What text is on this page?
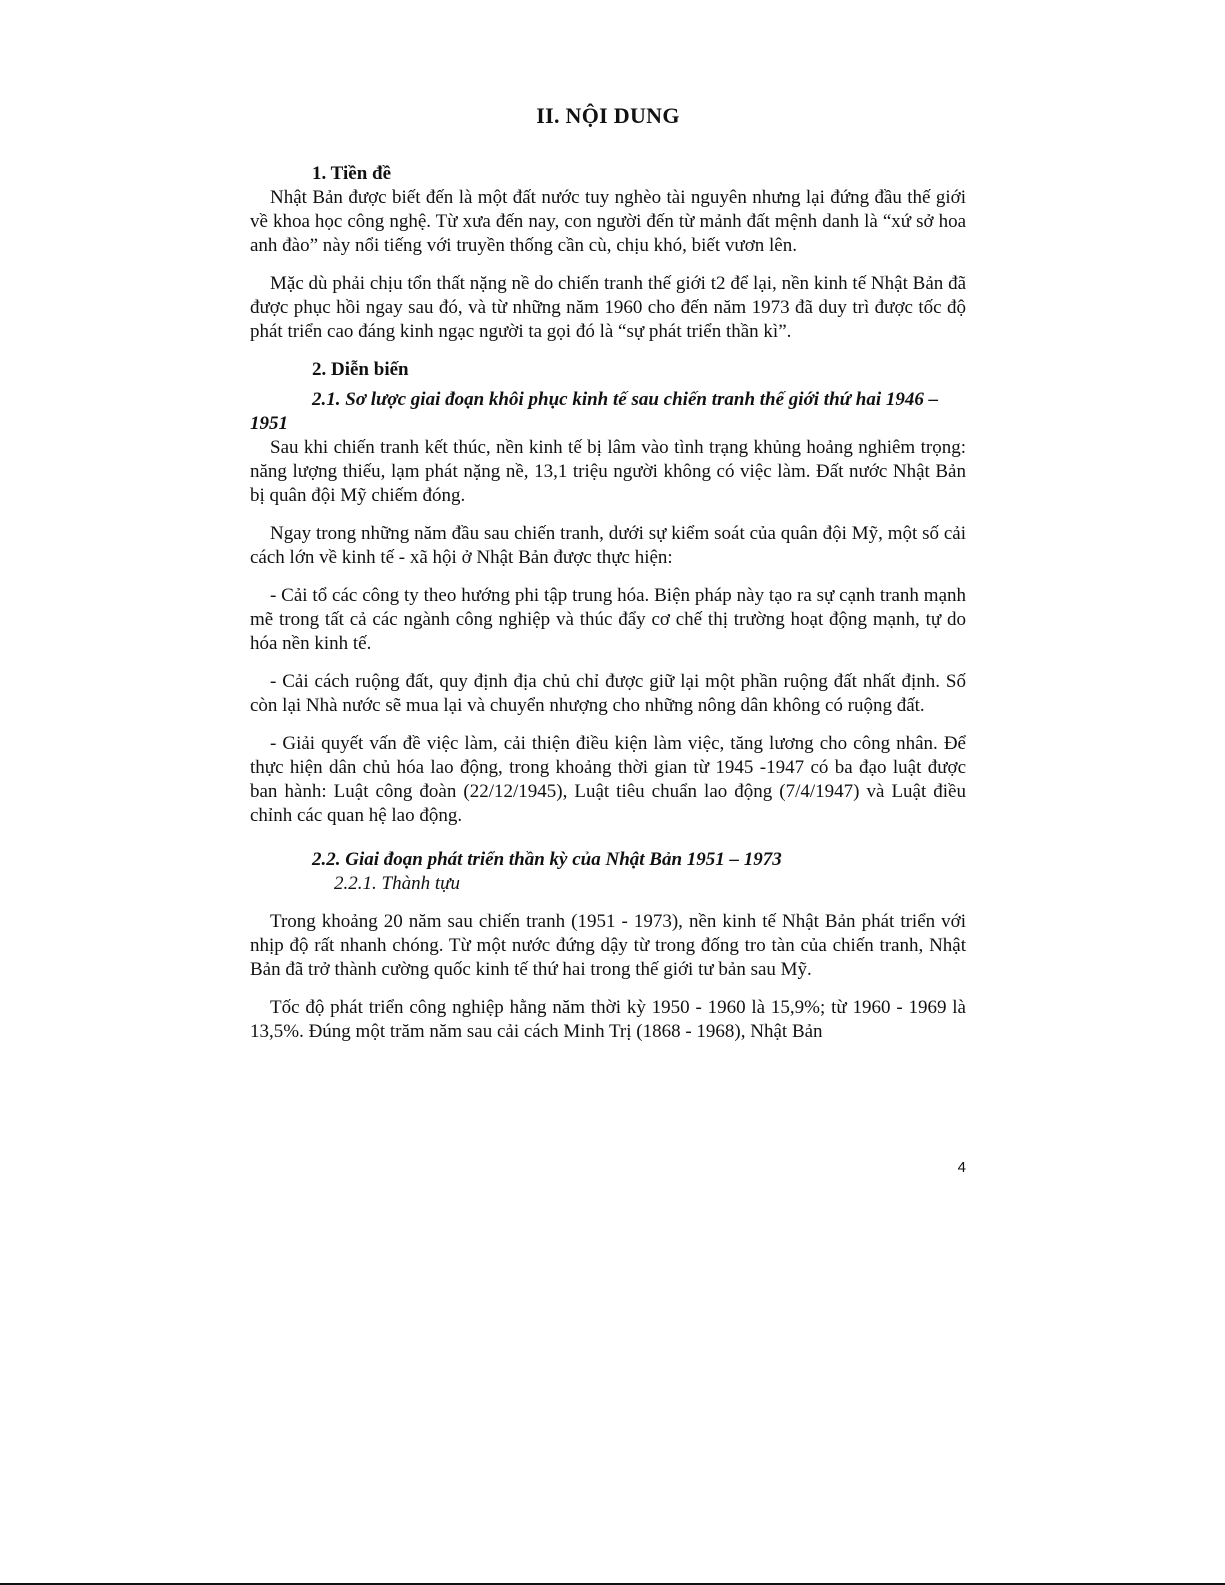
II. NỘI DUNG
1. Tiền đề

Nhật Bản được biết đến là một đất nước tuy nghèo tài nguyên nhưng lại đứng đầu thế giới về khoa học công nghệ. Từ xưa đến nay, con người đến từ mảnh đất mệnh danh là “xứ sở hoa anh đào” này nổi tiếng với truyền thống cần cù, chịu khó, biết vươn lên.

Mặc dù phải chịu tổn thất nặng nề do chiến tranh thế giới t2 để lại, nền kinh tế Nhật Bản đã được phục hồi ngay sau đó, và từ những năm 1960 cho đến năm 1973 đã duy trì được tốc độ phát triển cao đáng kinh ngạc người ta gọi đó là “sự phát triển thần kì”.

2. Diễn biến
2.1. Sơ lược giai đoạn khôi phục kinh tế sau chiến tranh thế giới thứ hai 1946 – 1951

Sau khi chiến tranh kết thúc, nền kinh tế bị lâm vào tình trạng khủng hoảng nghiêm trọng: năng lượng thiếu, lạm phát nặng nề, 13,1 triệu người không có việc làm. Đất nước Nhật Bản bị quân đội Mỹ chiếm đóng.

Ngay trong những năm đầu sau chiến tranh, dưới sự kiểm soát của quân đội Mỹ, một số cải cách lớn về kinh tế - xã hội ở Nhật Bản được thực hiện:

- Cải tổ các công ty theo hướng phi tập trung hóa. Biện pháp này tạo ra sự cạnh tranh mạnh mẽ trong tất cả các ngành công nghiệp và thúc đẩy cơ chế thị trường hoạt động mạnh, tự do hóa nền kinh tế.

- Cải cách ruộng đất, quy định địa chủ chỉ được giữ lại một phần ruộng đất nhất định. Số còn lại Nhà nước sẽ mua lại và chuyển nhượng cho những nông dân không có ruộng đất.

- Giải quyết vấn đề việc làm, cải thiện điều kiện làm việc, tăng lương cho công nhân. Để thực hiện dân chủ hóa lao động, trong khoảng thời gian từ 1945 -1947 có ba đạo luật được ban hành: Luật công đoàn (22/12/1945), Luật tiêu chuẩn lao động (7/4/1947) và Luật điều chỉnh các quan hệ lao động.

2.2. Giai đoạn phát triển thần kỳ của Nhật Bản 1951 – 1973
2.2.1. Thành tựu

Trong khoảng 20 năm sau chiến tranh (1951 - 1973), nền kinh tế Nhật Bản phát triển với nhịp độ rất nhanh chóng. Từ một nước đứng dậy từ trong đống tro tàn của chiến tranh, Nhật Bản đã trở thành cường quốc kinh tế thứ hai trong thế giới tư bản sau Mỹ.

Tốc độ phát triển công nghiệp hằng năm thời kỳ 1950 - 1960 là 15,9%; từ 1960 - 1969 là 13,5%. Đúng một trăm năm sau cải cách Minh Trị (1868 - 1968), Nhật Bản

4
